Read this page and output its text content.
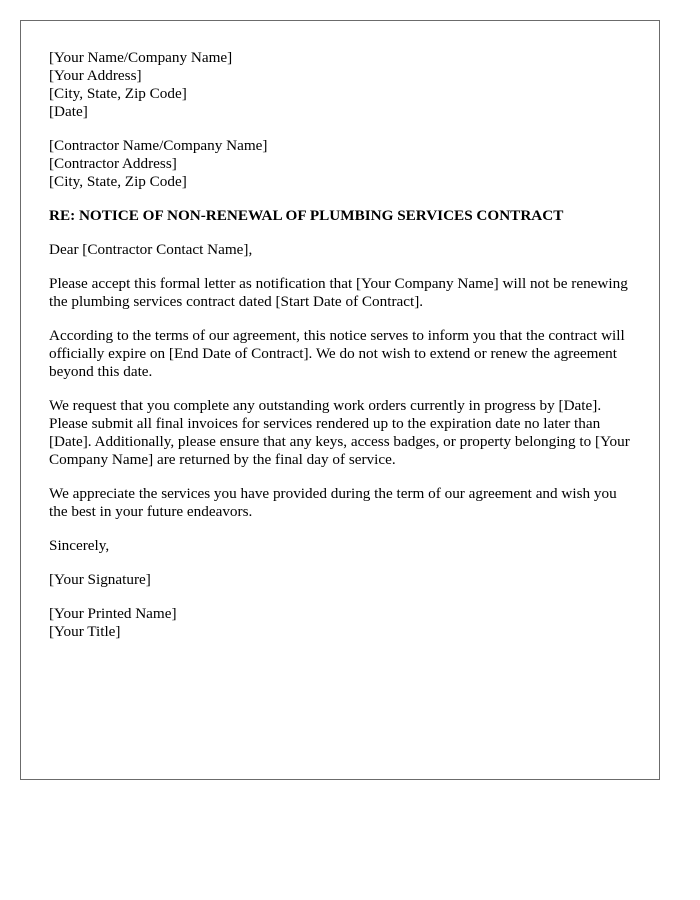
[Your Name/Company Name]
[Your Address]
[City, State, Zip Code]
[Date]
[Contractor Name/Company Name]
[Contractor Address]
[City, State, Zip Code]
RE: NOTICE OF NON-RENEWAL OF PLUMBING SERVICES CONTRACT

Dear [Contractor Contact Name],

Please accept this formal letter as notification that [Your Company Name] will not be renewing the plumbing services contract dated [Start Date of Contract].

According to the terms of our agreement, this notice serves to inform you that the contract will officially expire on [End Date of Contract]. We do not wish to extend or renew the agreement beyond this date.

We request that you complete any outstanding work orders currently in progress by [Date]. Please submit all final invoices for services rendered up to the expiration date no later than [Date]. Additionally, please ensure that any keys, access badges, or property belonging to [Your Company Name] are returned by the final day of service.

We appreciate the services you have provided during the term of our agreement and wish you the best in your future endeavors.

Sincerely,

[Your Signature]

[Your Printed Name]
[Your Title]
